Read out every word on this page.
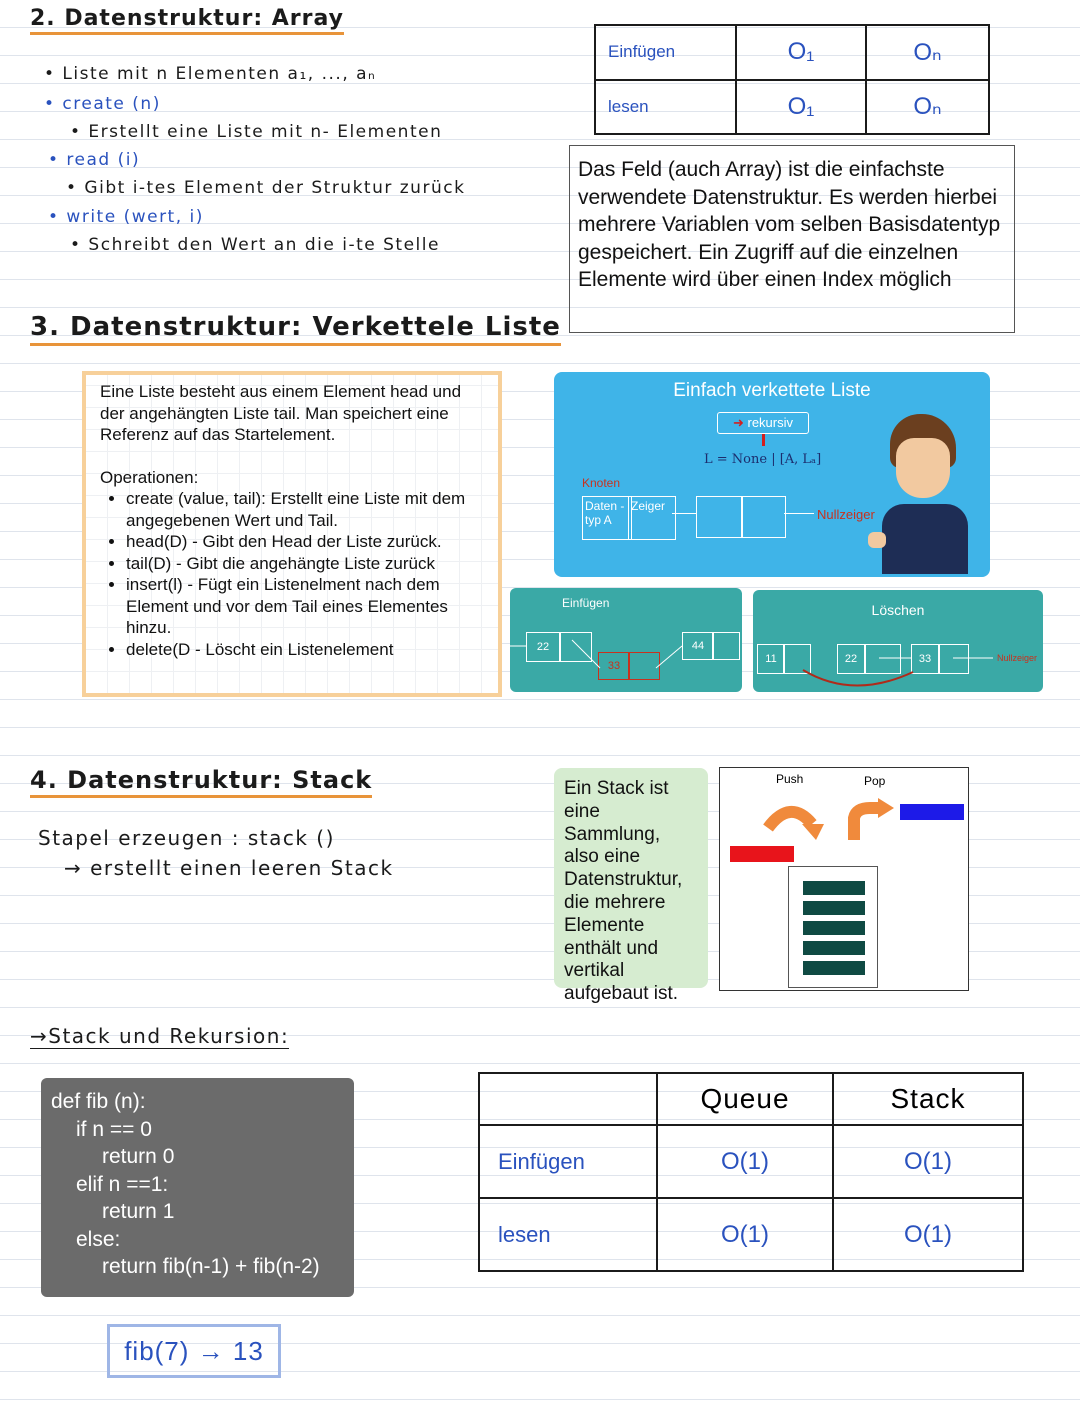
2. Datenstruktur: Array
• Liste mit n Elementen a₁, ..., aₙ
• create (n)
• Erstellt eine Liste mit n- Elementen
• read (i)
• Gibt i-tes Element der Struktur zurück
• write (wert, i)
• Schreibt den Wert an die i-te Stelle
Einfügen	O₁	Oₙ
lesen	O₁	Oₙ
Das Feld (auch Array) ist die einfachste verwendete Datenstruktur. Es werden hierbei mehrere Variablen vom selben Basisdatentyp gespeichert. Ein Zugriff auf die einzelnen Elemente wird über einen Index möglich
3. Datenstruktur: Verkettele Liste
Eine Liste besteht aus einem Element head und der angehängten Liste tail. Man speichert eine Referenz auf das Startelement.
Operationen:
• create (value, tail): Erstellt eine Liste mit dem angegebenen Wert und Tail.
• head(D) - Gibt den Head der Liste zurück.
• tail(D) - Gibt die angehängte Liste zurück
• insert(l) - Fügt ein Listenelment nach dem Element und vor dem Tail eines Elementes hinzu.
• delete(D - Löscht ein Listenelement
Einfach verkettete Liste
➜ rekursiv
L = None | [A, Lₐ]
Knoten
Daten -typ A
Zeiger
Nullzeiger
Einfügen
22
33
44
Löschen
11	22	33	Nullzeiger
4. Datenstruktur: Stack
Stapel erzeugen : stack ()
→ erstellt einen leeren Stack
Ein Stack ist eine Sammlung, also eine Datenstruktur, die mehrere Elemente enthält und vertikal aufgebaut ist.
Push	Pop
→Stack und Rekursion:
def fib (n):
if n == 0
return 0
elif n ==1:
return 1
else:
return fib(n-1) + fib(n-2)
fib(7) → 13
	Queue	Stack
Einfügen	O(1)	O(1)
lesen	O(1)	O(1)
